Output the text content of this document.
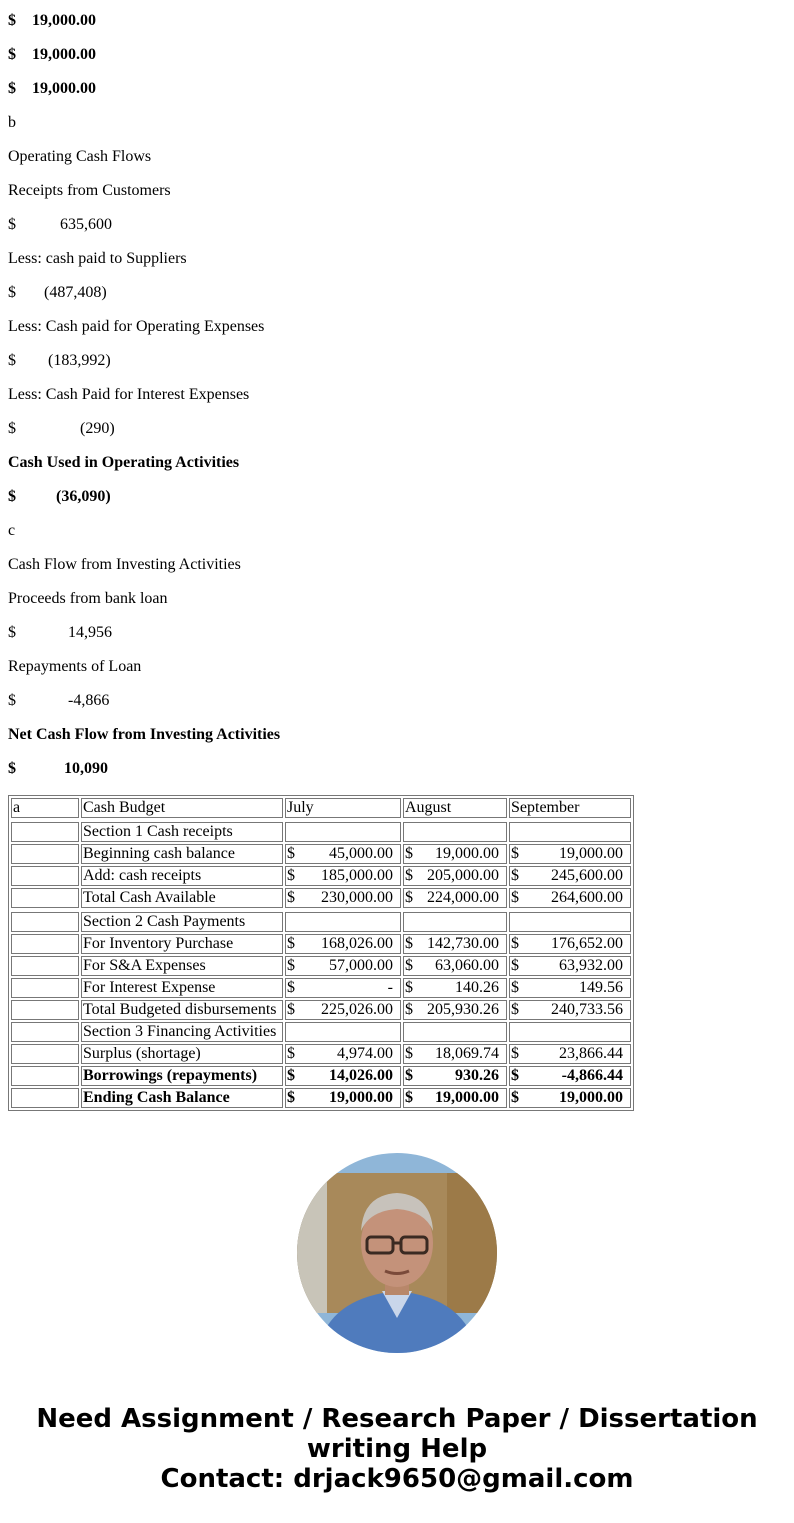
$ 19,000.00
$ 19,000.00
$ 19,000.00
b
Operating Cash Flows
Receipts from Customers
$	635,600
Less: cash paid to Suppliers
$ (487,408)
Less: Cash paid for Operating Expenses
$ (183,992)
Less: Cash Paid for Interest Expenses
$	(290)
Cash Used in Operating Activities
$	(36,090)
c
Cash Flow from Investing Activities
Proceeds from bank loan
$	14,956
Repayments of Loan
$	-4,866
Net Cash Flow from Investing Activities
$	10,090
a	Cash Budget	July	August	September

	Section 1 Cash receipts			
	Beginning cash balance	$ 45,000.00	$ 19,000.00	$ 19,000.00

	Add: cash receipts	$ 185,000.00	$ 205,000.00	$ 245,600.00

	Total Cash Available	$ 230,000.00	$ 224,000.00	$ 264,600.00

	Section 2 Cash Payments			
	For Inventory Purchase	$ 168,026.00	$ 142,730.00	$ 176,652.00

	For S&A Expenses	$ 57,000.00	$ 63,060.00	$ 63,932.00

	For Interest Expense	$ -	$ 140.26	$ 149.56

	Total Budgeted disbursements	$ 225,026.00	$ 205,930.26	$ 240,733.56

	Section 3 Financing Activities			
	Surplus (shortage)	$ 4,974.00	$ 18,069.74	$ 23,866.44

	Borrowings (repayments)	$ 14,026.00	$ 930.26	$ -4,866.44

	Ending Cash Balance	$ 19,000.00	$ 19,000.00	$ 19,000.00
Need Assignment / Research Paper / Dissertation
writing Help
Contact: drjack9650@gmail.com
